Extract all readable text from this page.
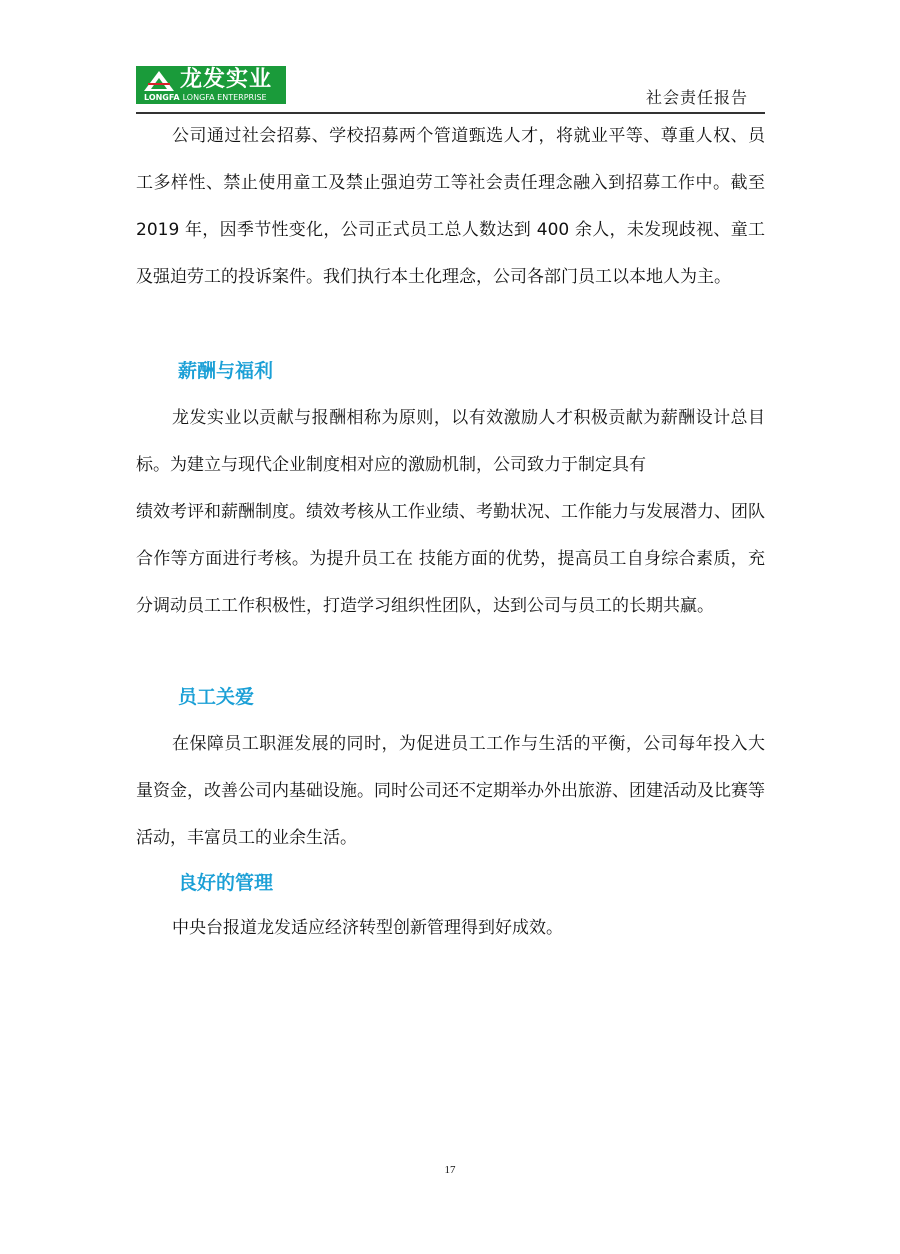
龙发实业
LONGFA LONGFA ENTERPRISE	社会责任报告

公司通过社会招募、学校招募两个管道甄选人才，将就业平等、尊重人权、员工多样性、禁止使用童工及禁止强迫劳工等社会责任理念融入到招募工作中。截至 2019 年，因季节性变化，公司正式员工总人数达到 400 余人，未发现歧视、童工及强迫劳工的投诉案件。我们执行本土化理念，公司各部门员工以本地人为主。

薪酬与福利

龙发实业以贡献与报酬相称为原则，以有效激励人才积极贡献为薪酬设计总目标。为建立与现代企业制度相对应的激励机制，公司致力于制定具有

绩效考评和薪酬制度。绩效考核从工作业绩、考勤状况、工作能力与发展潜力、团队合作等方面进行考核。为提升员工在 技能方面的优势，提高员工自身综合素质，充分调动员工工作积极性，打造学习组织性团队，达到公司与员工的长期共赢。

员工关爱

在保障员工职涯发展的同时，为促进员工工作与生活的平衡，公司每年投入大量资金，改善公司内基础设施。同时公司还不定期举办外出旅游、团建活动及比赛等活动，丰富员工的业余生活。

良好的管理

中央台报道龙发适应经济转型创新管理得到好成效。

17
